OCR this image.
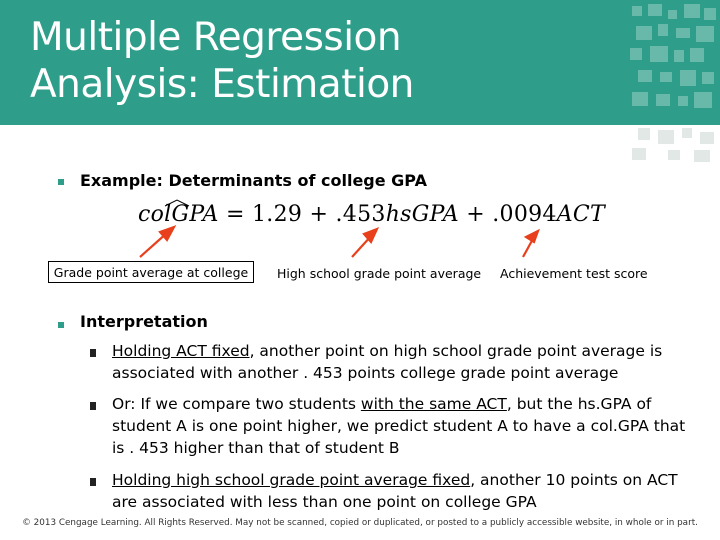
Multiple Regression
Analysis: Estimation
Example: Determinants of college GPA
colGPA = 1.29 + .453hsGPA + .0094ACT
Grade point average at college	High school grade point average Achievement test score
Interpretation
Holding ACT fixed, another point on high school grade point average is associated with another . 453 points college grade point average
Or: If we compare two students with the same ACT, but the hs.GPA of student A is one point higher, we predict student A to have a col.GPA that is . 453 higher than that of student B
Holding high school grade point average fixed, another 10 points on ACT are associated with less than one point on college GPA
© 2013 Cengage Learning. All Rights Reserved. May not be scanned, copied or duplicated, or posted to a publicly accessible website, in whole or in part.
